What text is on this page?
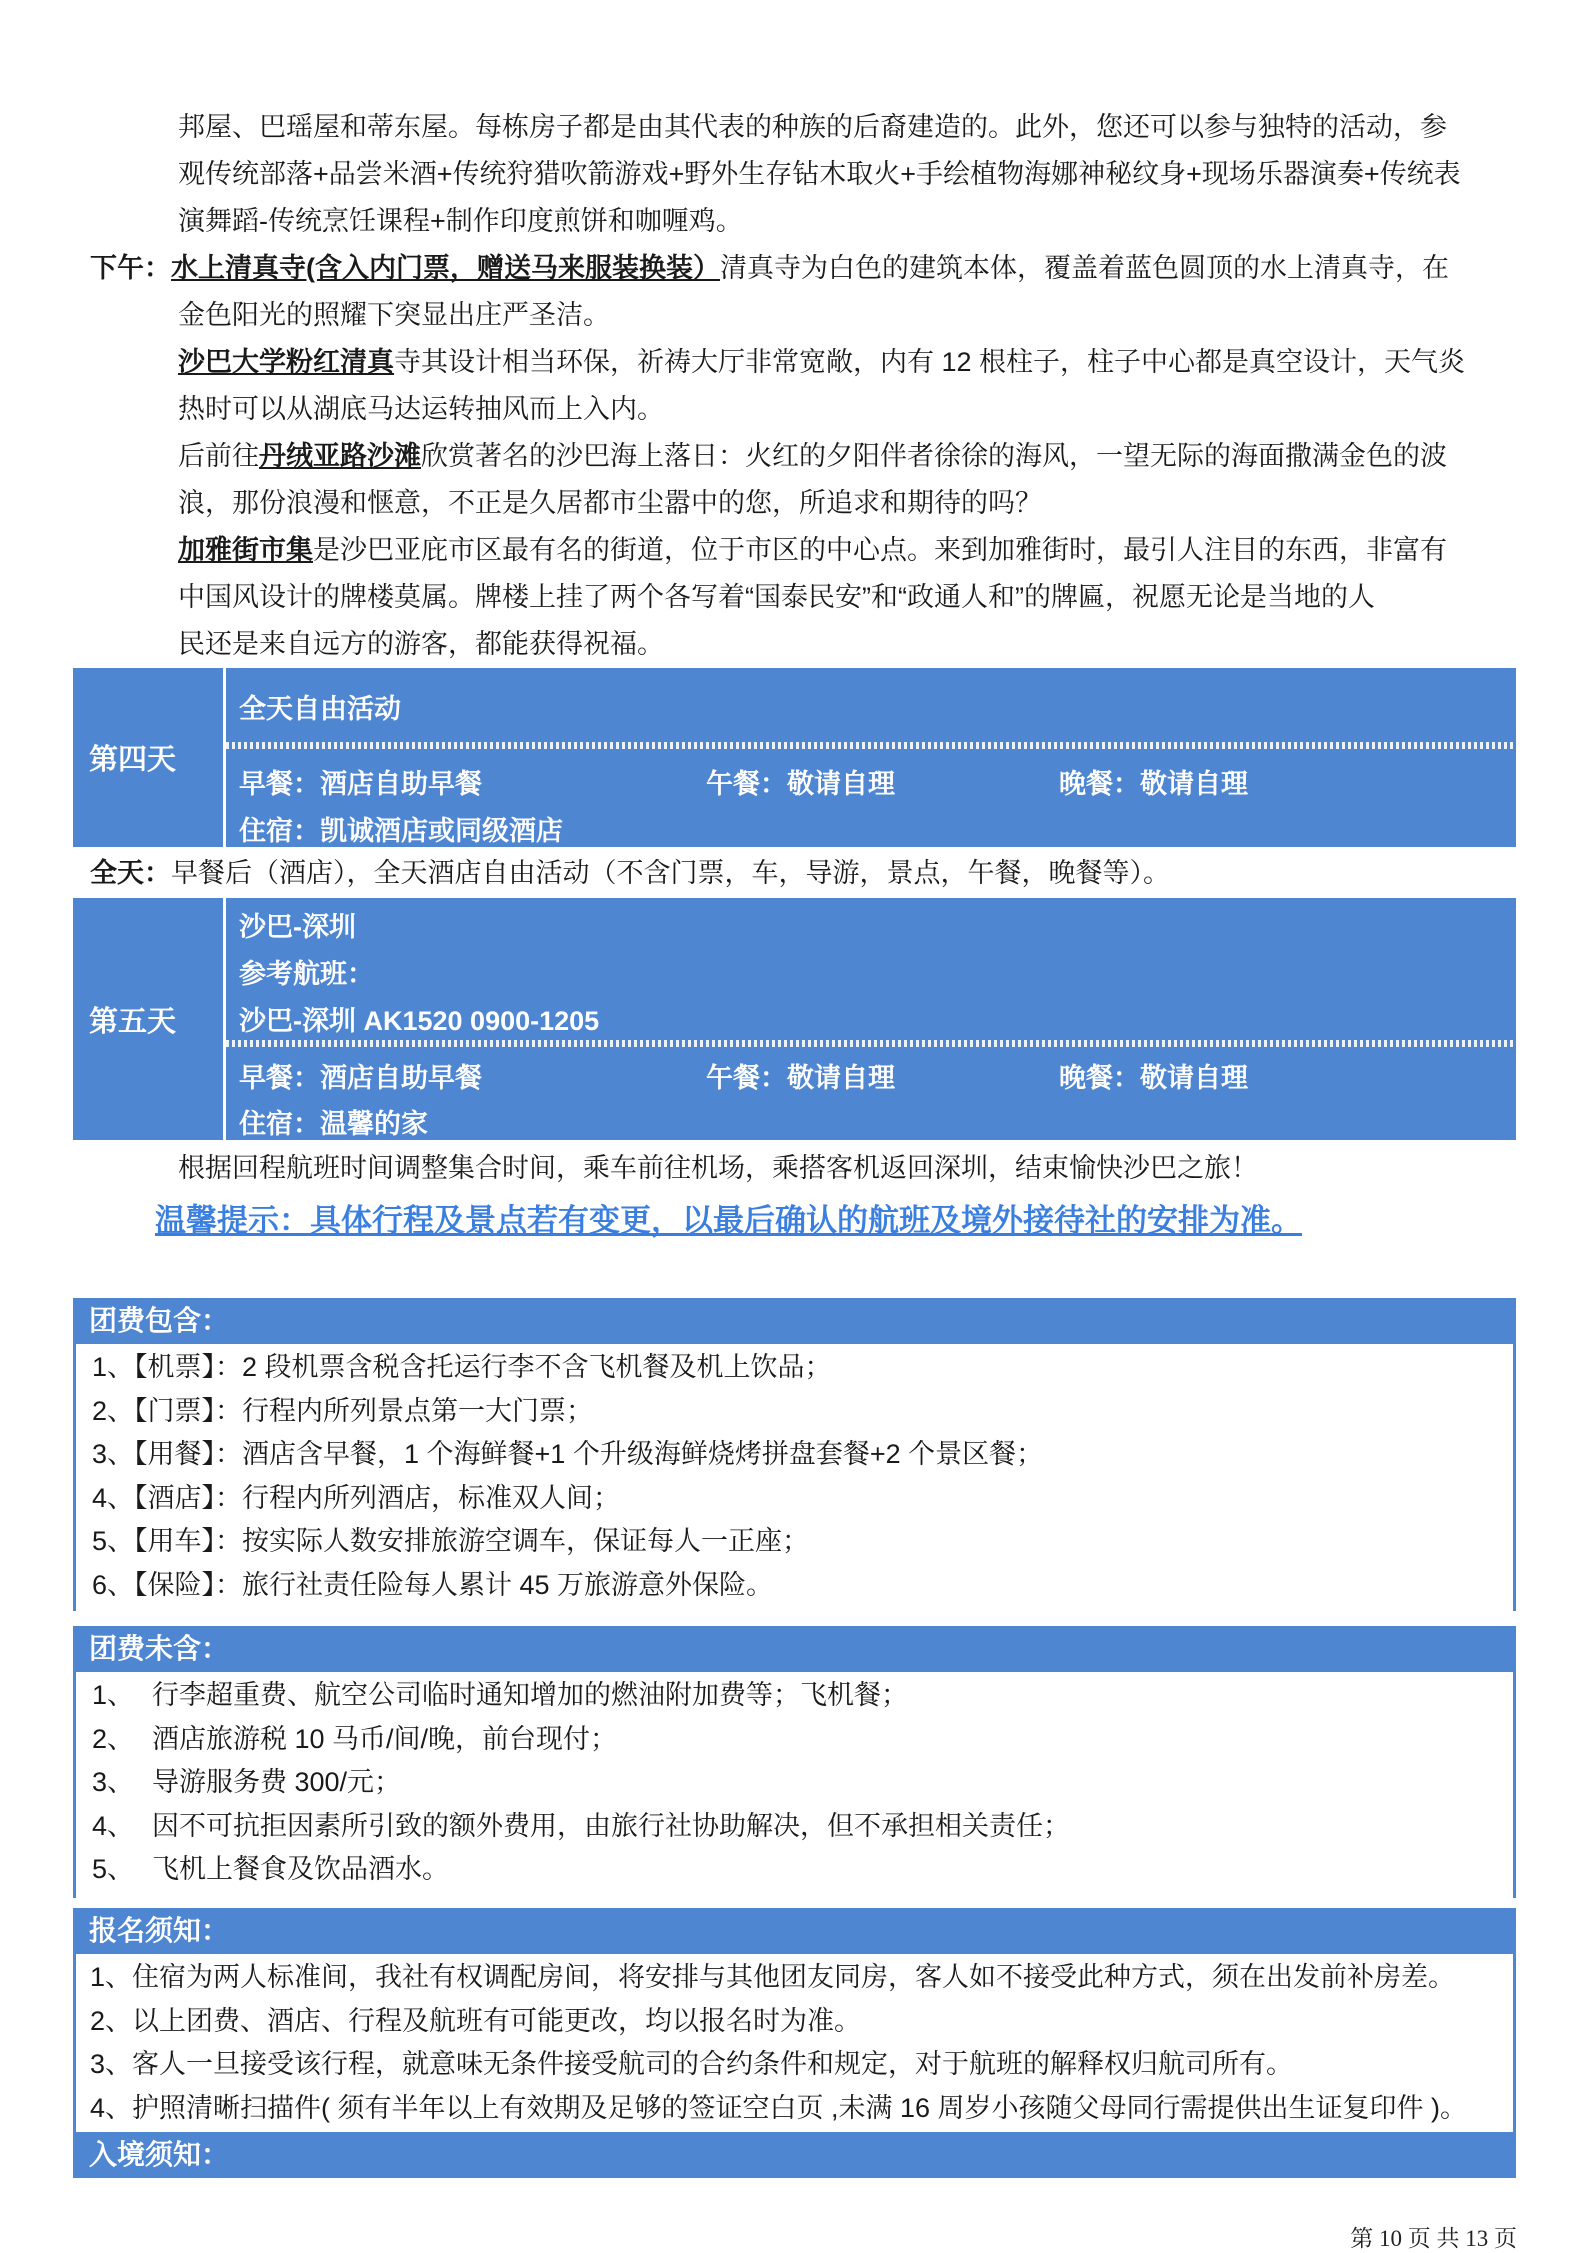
邦屋、巴瑶屋和蒂东屋。每栋房子都是由其代表的种族的后裔建造的。此外，您还可以参与独特的活动，参

观传统部落+品尝米酒+传统狩猎吹箭游戏+野外生存钻木取火+手绘植物海娜神秘纹身+现场乐器演奏+传统表

演舞蹈-传统烹饪课程+制作印度煎饼和咖喱鸡。

下午：水上清真寺(含入内门票，赠送马来服装换装）清真寺为白色的建筑本体，覆盖着蓝色圆顶的水上清真寺，在

金色阳光的照耀下突显出庄严圣洁。

沙巴大学粉红清真寺其设计相当环保，祈祷大厅非常宽敞，内有 12 根柱子，柱子中心都是真空设计，天气炎

热时可以从湖底马达运转抽风而上入内。

后前往丹绒亚路沙滩欣赏著名的沙巴海上落日：火红的夕阳伴者徐徐的海风，一望无际的海面撒满金色的波

浪，那份浪漫和惬意，不正是久居都市尘嚣中的您，所追求和期待的吗？

加雅街市集是沙巴亚庇市区最有名的街道，位于市区的中心点。来到加雅街时，最引人注目的东西，非富有

中国风设计的牌楼莫属。牌楼上挂了两个各写着“国泰民安”和“政通人和”的牌匾，祝愿无论是当地的人

民还是来自远方的游客，都能获得祝福。

第四天
全天自由活动
早餐：酒店自助早餐	午餐：敬请自理	晚餐：敬请自理
住宿：凯诚酒店或同级酒店

全天：早餐后（酒店），全天酒店自由活动（不含门票，车，导游，景点，午餐，晚餐等）。

第五天
沙巴-深圳
参考航班：
沙巴-深圳 AK1520 0900-1205
早餐：酒店自助早餐	午餐：敬请自理	晚餐：敬请自理
住宿：温馨的家
根据回程航班时间调整集合时间，乘车前往机场，乘搭客机返回深圳，结束愉快沙巴之旅！
温馨提示：具体行程及景点若有变更，以最后确认的航班及境外接待社的安排为准。
团费包含：
1、【机票】：2 段机票含税含托运行李不含飞机餐及机上饮品；
2、【门票】：行程内所列景点第一大门票；
3、【用餐】：酒店含早餐，1 个海鲜餐+1 个升级海鲜烧烤拼盘套餐+2 个景区餐；
4、【酒店】：行程内所列酒店，标准双人间；
5、【用车】：按实际人数安排旅游空调车，保证每人一正座；
6、【保险】：旅行社责任险每人累计 45 万旅游意外保险。
团费未含：
1、 行李超重费、航空公司临时通知增加的燃油附加费等；飞机餐；
2、 酒店旅游税 10 马币/间/晚，前台现付；
3、 导游服务费 300/元；
4、 因不可抗拒因素所引致的额外费用，由旅行社协助解决，但不承担相关责任；
5、 飞机上餐食及饮品酒水。
报名须知：
1、住宿为两人标准间，我社有权调配房间，将安排与其他团友同房，客人如不接受此种方式，须在出发前补房差。
2、以上团费、酒店、行程及航班有可能更改，均以报名时为准。
3、客人一旦接受该行程，就意味无条件接受航司的合约条件和规定，对于航班的解释权归航司所有。
4、护照清晰扫描件( 须有半年以上有效期及足够的签证空白页 ,未满 16 周岁小孩随父母同行需提供出生证复印件 )。
入境须知：
第 10 页 共 13 页
